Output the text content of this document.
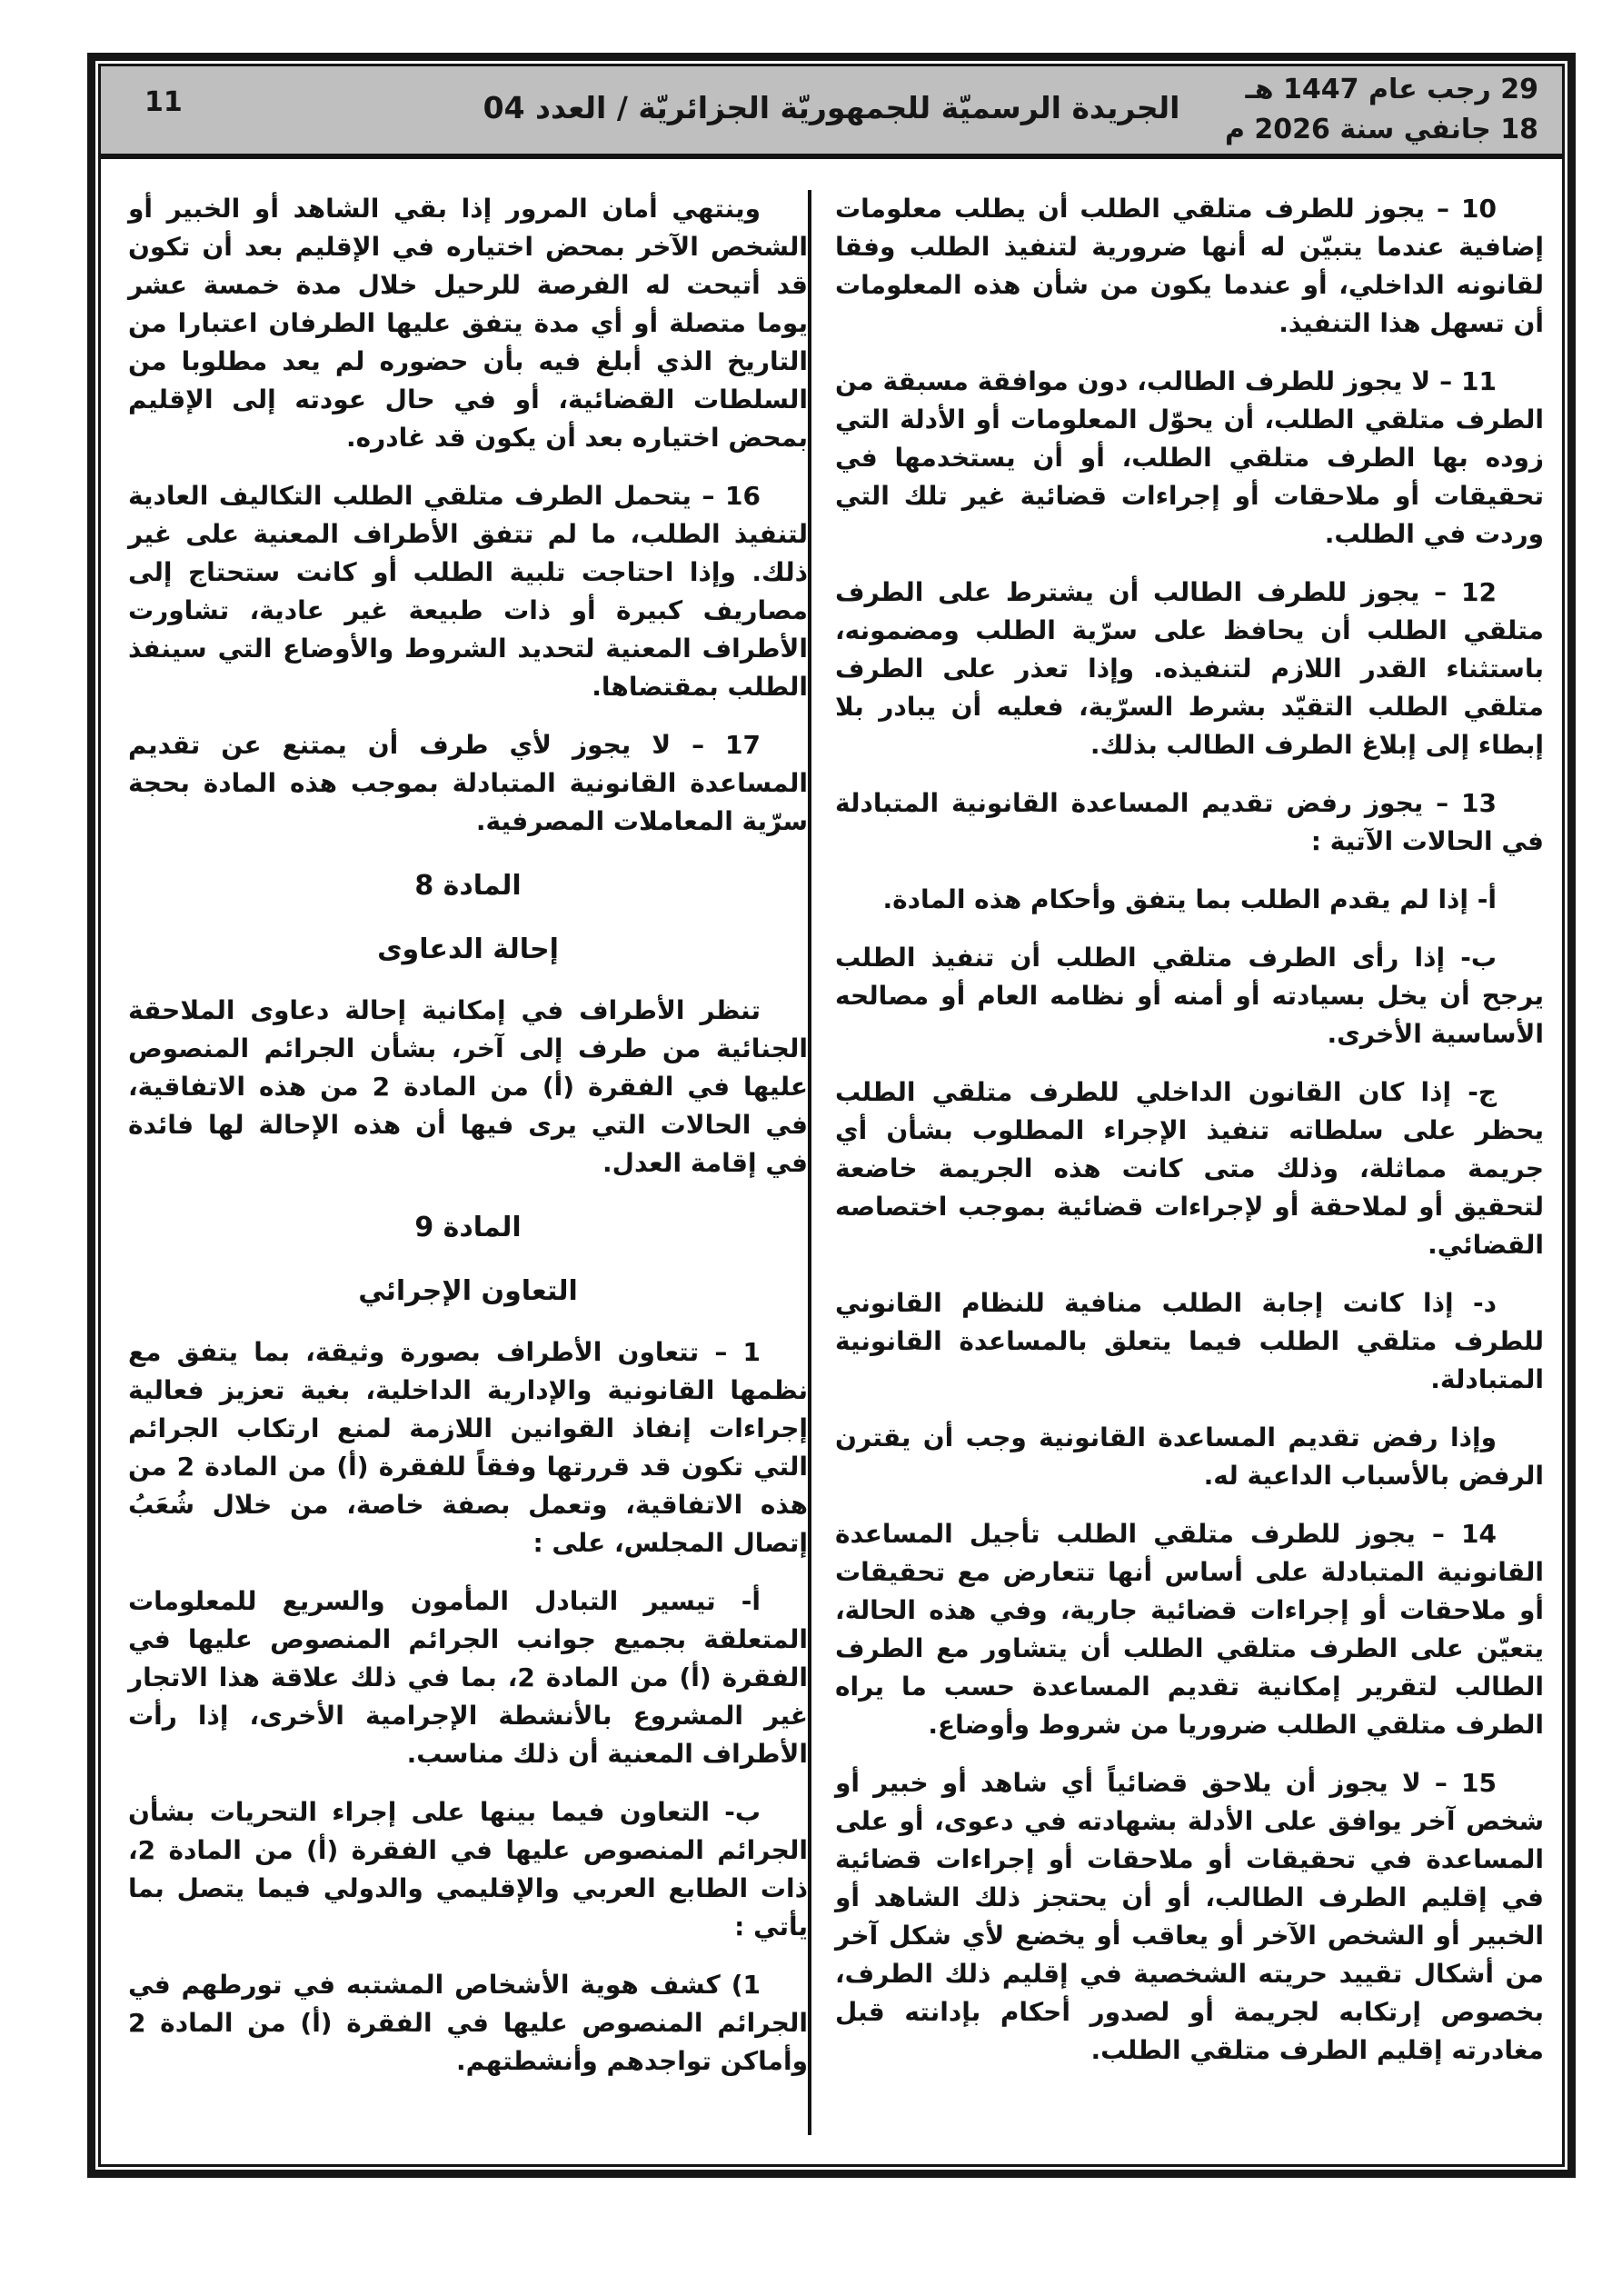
11	الجريدة الرسميّة للجمهوريّة الجزائريّة / العدد 04
29 رجب عام 1447 هـ
18 جانفي سنة 2026 م
10 – يجوز للطرف متلقي الطلب أن يطلب معلومات إضافية عندما يتبيّن له أنها ضرورية لتنفيذ الطلب وفقا لقانونه الداخلي، أو عندما يكون من شأن هذه المعلومات أن تسهل هذا التنفيذ.
11 – لا يجوز للطرف الطالب، دون موافقة مسبقة من الطرف متلقي الطلب، أن يحوّل المعلومات أو الأدلة التي زوده بها الطرف متلقي الطلب، أو أن يستخدمها في تحقيقات أو ملاحقات أو إجراءات قضائية غير تلك التي وردت في الطلب.
12 – يجوز للطرف الطالب أن يشترط على الطرف متلقي الطلب أن يحافظ على سرّية الطلب ومضمونه، باستثناء القدر اللازم لتنفيذه. وإذا تعذر على الطرف متلقي الطلب التقيّد بشرط السرّية، فعليه أن يبادر بلا إبطاء إلى إبلاغ الطرف الطالب بذلك.
13 – يجوز رفض تقديم المساعدة القانونية المتبادلة في الحالات الآتية :
أ- إذا لم يقدم الطلب بما يتفق وأحكام هذه المادة.
ب- إذا رأى الطرف متلقي الطلب أن تنفيذ الطلب يرجح أن يخل بسيادته أو أمنه أو نظامه العام أو مصالحه الأساسية الأخرى.
ج- إذا كان القانون الداخلي للطرف متلقي الطلب يحظر على سلطاته تنفيذ الإجراء المطلوب بشأن أي جريمة مماثلة، وذلك متى كانت هذه الجريمة خاضعة لتحقيق أو لملاحقة أو لإجراءات قضائية بموجب اختصاصه القضائي.
د- إذا كانت إجابة الطلب منافية للنظام القانوني للطرف متلقي الطلب فيما يتعلق بالمساعدة القانونية المتبادلة.
وإذا رفض تقديم المساعدة القانونية وجب أن يقترن الرفض بالأسباب الداعية له.
14 – يجوز للطرف متلقي الطلب تأجيل المساعدة القانونية المتبادلة على أساس أنها تتعارض مع تحقيقات أو ملاحقات أو إجراءات قضائية جارية، وفي هذه الحالة، يتعيّن على الطرف متلقي الطلب أن يتشاور مع الطرف الطالب لتقرير إمكانية تقديم المساعدة حسب ما يراه الطرف متلقي الطلب ضروريا من شروط وأوضاع.
15 – لا يجوز أن يلاحق قضائياً أي شاهد أو خبير أو شخص آخر يوافق على الأدلة بشهادته في دعوى، أو على المساعدة في تحقيقات أو ملاحقات أو إجراءات قضائية في إقليم الطرف الطالب، أو أن يحتجز ذلك الشاهد أو الخبير أو الشخص الآخر أو يعاقب أو يخضع لأي شكل آخر من أشكال تقييد حريته الشخصية في إقليم ذلك الطرف، بخصوص إرتكابه لجريمة أو لصدور أحكام بإدانته قبل مغادرته إقليم الطرف متلقي الطلب.
وينتهي أمان المرور إذا بقي الشاهد أو الخبير أو الشخص الآخر بمحض اختياره في الإقليم بعد أن تكون قد أتيحت له الفرصة للرحيل خلال مدة خمسة عشر يوما متصلة أو أي مدة يتفق عليها الطرفان اعتبارا من التاريخ الذي أبلغ فيه بأن حضوره لم يعد مطلوبا من السلطات القضائية، أو في حال عودته إلى الإقليم بمحض اختياره بعد أن يكون قد غادره.
16 – يتحمل الطرف متلقي الطلب التكاليف العادية لتنفيذ الطلب، ما لم تتفق الأطراف المعنية على غير ذلك. وإذا احتاجت تلبية الطلب أو كانت ستحتاج إلى مصاريف كبيرة أو ذات طبيعة غير عادية، تشاورت الأطراف المعنية لتحديد الشروط والأوضاع التي سينفذ الطلب بمقتضاها.
17 – لا يجوز لأي طرف أن يمتنع عن تقديم المساعدة القانونية المتبادلة بموجب هذه المادة بحجة سرّية المعاملات المصرفية.
المادة 8
إحالة الدعاوى
تنظر الأطراف في إمكانية إحالة دعاوى الملاحقة الجنائية من طرف إلى آخر، بشأن الجرائم المنصوص عليها في الفقرة (أ) من المادة 2 من هذه الاتفاقية، في الحالات التي يرى فيها أن هذه الإحالة لها فائدة في إقامة العدل.
المادة 9
التعاون الإجرائي
1 – تتعاون الأطراف بصورة وثيقة، بما يتفق مع نظمها القانونية والإدارية الداخلية، بغية تعزيز فعالية إجراءات إنفاذ القوانين اللازمة لمنع ارتكاب الجرائم التي تكون قد قررتها وفقاً للفقرة (أ) من المادة 2 من هذه الاتفاقية، وتعمل بصفة خاصة، من خلال شُعَبُ إتصال المجلس، على :
أ- تيسير التبادل المأمون والسريع للمعلومات المتعلقة بجميع جوانب الجرائم المنصوص عليها في الفقرة (أ) من المادة 2، بما في ذلك علاقة هذا الاتجار غير المشروع بالأنشطة الإجرامية الأخرى، إذا رأت الأطراف المعنية أن ذلك مناسب.
ب- التعاون فيما بينها على إجراء التحريات بشأن الجرائم المنصوص عليها في الفقرة (أ) من المادة 2، ذات الطابع العربي والإقليمي والدولي فيما يتصل بما يأتي :
1) كشف هوية الأشخاص المشتبه في تورطهم في الجرائم المنصوص عليها في الفقرة (أ) من المادة 2 وأماكن تواجدهم وأنشطتهم.
